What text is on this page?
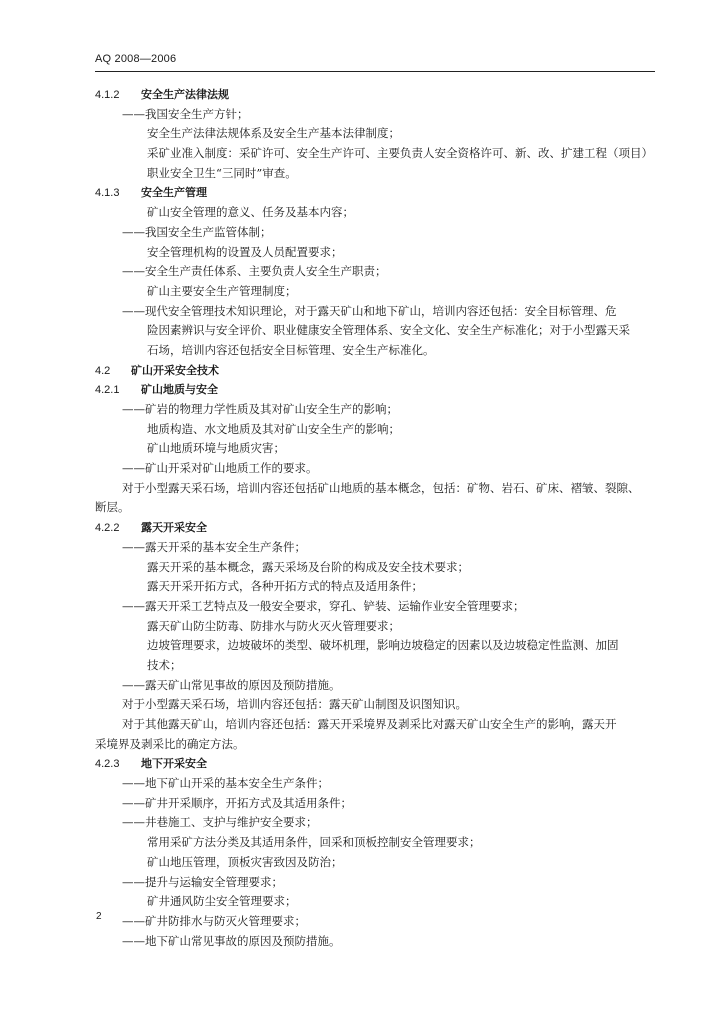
AQ 2008—2006
4.1.2 安全生产法律法规
——我国安全生产方针；
安全生产法律法规体系及安全生产基本法律制度；
采矿业准入制度：采矿许可、安全生产许可、主要负责人安全资格许可、新、改、扩建工程（项目）
职业安全卫生“三同时”审查。
4.1.3 安全生产管理
矿山安全管理的意义、任务及基本内容；
——我国安全生产监管体制；
安全管理机构的设置及人员配置要求；
——安全生产责任体系、主要负责人安全生产职责；
矿山主要安全生产管理制度；
——现代安全管理技术知识理论，对于露天矿山和地下矿山，培训内容还包括：安全目标管理、危
险因素辨识与安全评价、职业健康安全管理体系、安全文化、安全生产标准化；对于小型露天采
石场，培训内容还包括安全目标管理、安全生产标准化。
4.2 矿山开采安全技术
4.2.1 矿山地质与安全
——矿岩的物理力学性质及其对矿山安全生产的影响；
地质构造、水文地质及其对矿山安全生产的影响；
矿山地质环境与地质灾害；
——矿山开采对矿山地质工作的要求。
对于小型露天采石场，培训内容还包括矿山地质的基本概念，包括：矿物、岩石、矿床、褶皱、裂隙、
断层。
4.2.2 露天开采安全
——露天开采的基本安全生产条件；
露天开采的基本概念，露天采场及台阶的构成及安全技术要求；
露天开采开拓方式，各种开拓方式的特点及适用条件；
——露天开采工艺特点及一般安全要求，穿孔、铲装、运输作业安全管理要求；
露天矿山防尘防毒、防排水与防火灭火管理要求；
边坡管理要求，边坡破坏的类型、破坏机理，影响边坡稳定的因素以及边坡稳定性监测、加固
技术；
——露天矿山常见事故的原因及预防措施。
对于小型露天采石场，培训内容还包括：露天矿山制图及识图知识。
对于其他露天矿山，培训内容还包括：露天开采境界及剥采比对露天矿山安全生产的影响，露天开
采境界及剥采比的确定方法。
4.2.3 地下开采安全
——地下矿山开采的基本安全生产条件；
——矿井开采顺序，开拓方式及其适用条件；
——井巷施工、支护与维护安全要求；
常用采矿方法分类及其适用条件，回采和顶板控制安全管理要求；
矿山地压管理，顶板灾害致因及防治；
——提升与运输安全管理要求；
矿井通风防尘安全管理要求；
——矿井防排水与防灭火管理要求；
——地下矿山常见事故的原因及预防措施。
2
